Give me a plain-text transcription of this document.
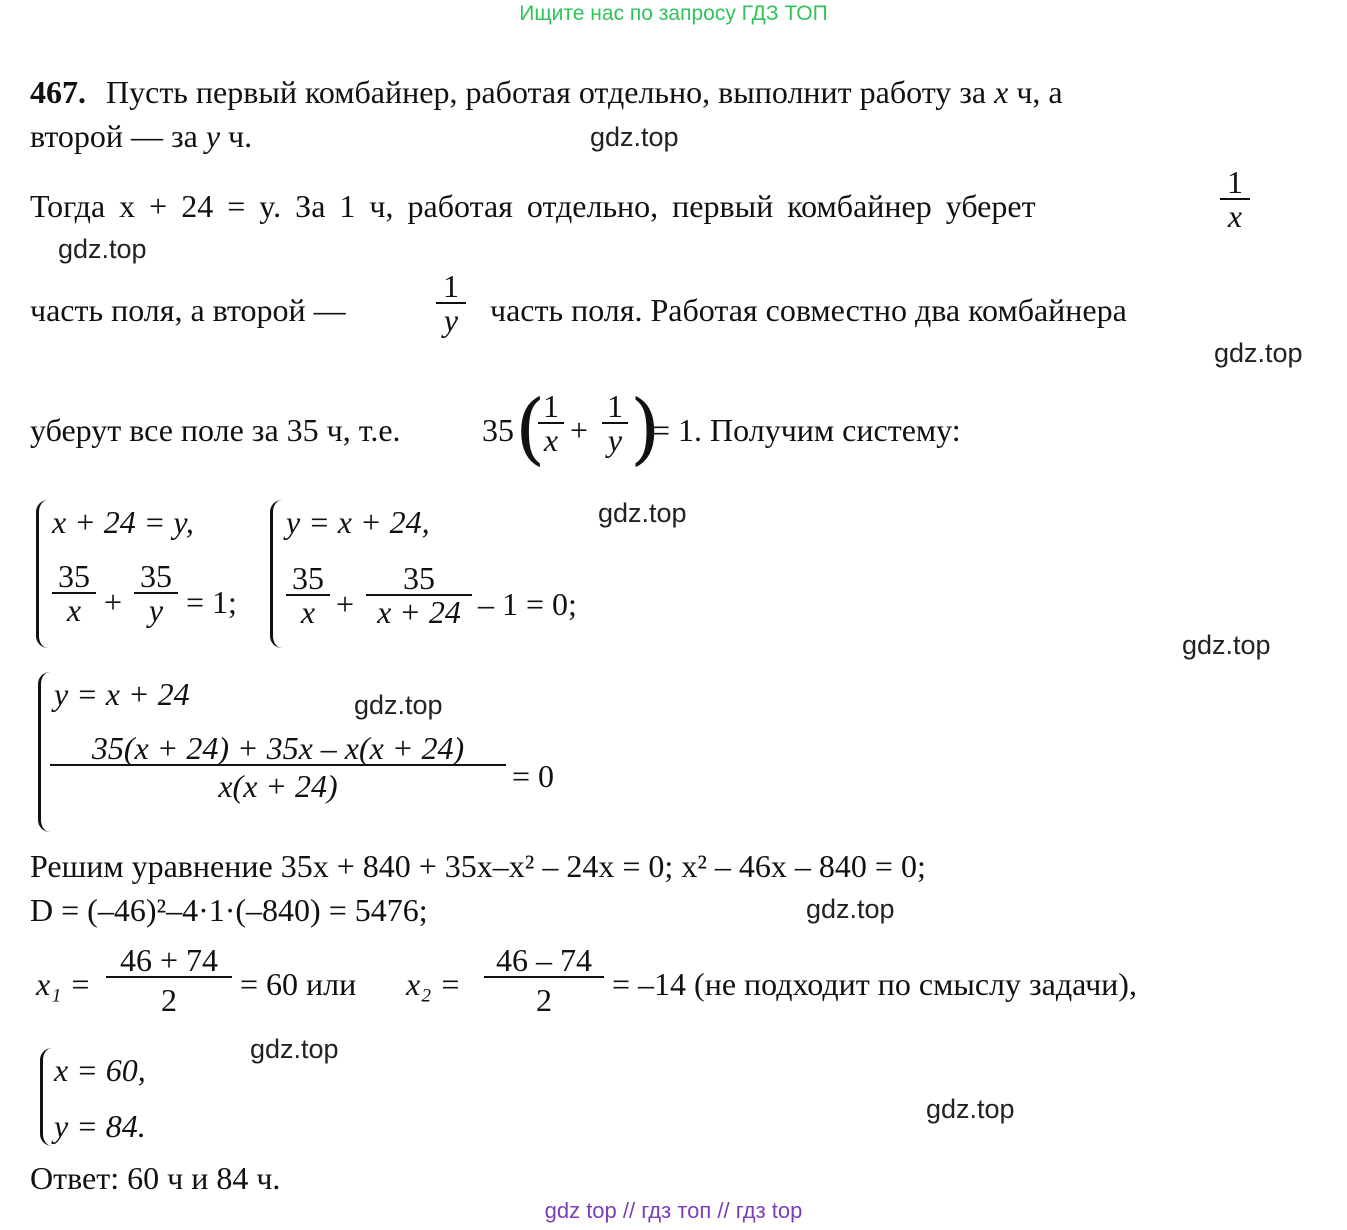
Ищите нас по запросу ГДЗ ТОП
467. Пусть первый комбайнер, работая отдельно, выполнит работу за x ч, а
второй — за y ч.
Тогда x + 24 = y. За 1 ч, работая отдельно, первый комбайнер уберет	$\frac{1}{x}$
часть поля, а второй —	$\frac{1}{y}$ часть поля. Работая совместно два комбайнера
уберут все поле за 35 ч, т.е.	35 (
$\frac{1}{x} + \frac{1}{y}$ )
= 1. Получим систему:
x + 24 = y,
$\frac{35}{x} + \frac{35}{y} = 1$;
y = x + 24,
$\frac{35}{x} + \frac{35}{x + 24} - 1 = 0$;
y = x + 24
$\frac{35(x + 24) + 35x - x(x + 24)}{x(x + 24)} = 0$
Решим уравнение 35x + 840 + 35x–x² – 24x = 0; x² – 46x – 840 = 0;
D = (–46)²–4·1·(–840) = 5476;
$x_1 = \frac{46 + 74}{2} = 60$ или $x_2 = \frac{46 - 74}{2} = -14$ (не подходит по смыслу задачи),
x = 60,
y = 84.
Ответ: 60 ч и 84 ч.
gdz.top
gdz.top
gdz.top
gdz.top
gdz.top
gdz.top
gdz.top
gdz.top
gdz.top
gdz top // гдз топ // гдз top
